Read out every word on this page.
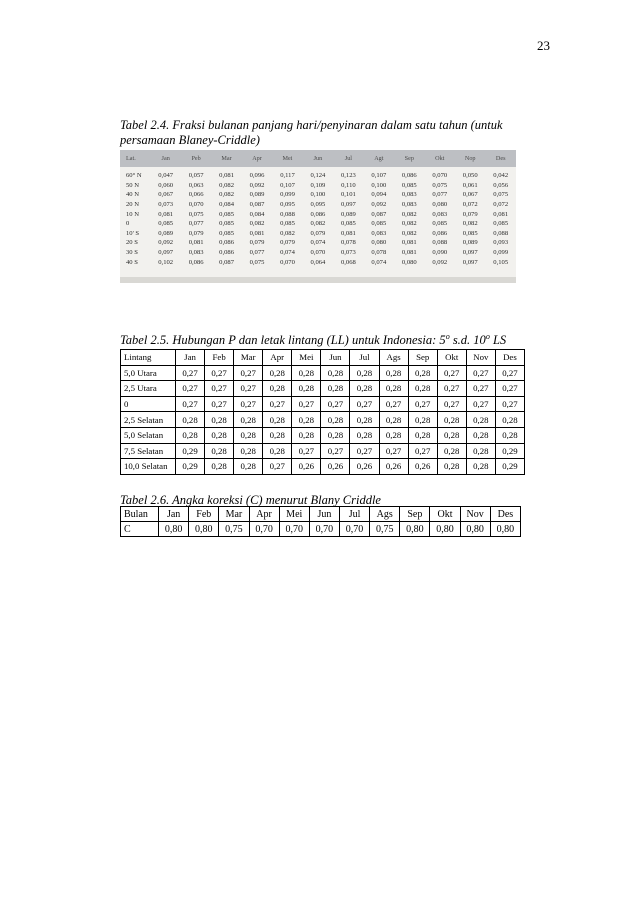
23
Tabel 2.4. Fraksi bulanan panjang hari/penyinaran dalam satu tahun (untuk persamaan Blaney-Criddle)
Lat.	Jan	Peb	Mar	Apr	Mei	Jun	Jul	Agt	Sep	Okt	Nop	Des
60° N	0,047	0,057	0,081	0,096	0,117	0,124	0,123	0,107	0,086	0,070	0,050	0,042
50 N	0,060	0,063	0,082	0,092	0,107	0,109	0,110	0,100	0,085	0,075	0,061	0,056
40 N	0,067	0,066	0,082	0,089	0,099	0,100	0,101	0,094	0,083	0,077	0,067	0,075
20 N	0,073	0,070	0,084	0,087	0,095	0,095	0,097	0,092	0,083	0,080	0,072	0,072
10 N	0,081	0,075	0,085	0,084	0,088	0,086	0,089	0,087	0,082	0,083	0,079	0,081
0	0,085	0,077	0,085	0,082	0,085	0,082	0,085	0,085	0,082	0,085	0,082	0,085
10' S	0,089	0,079	0,085	0,081	0,082	0,079	0,081	0,083	0,082	0,086	0,085	0,088
20 S	0,092	0,081	0,086	0,079	0,079	0,074	0,078	0,080	0,081	0,088	0,089	0,093
30 S	0,097	0,083	0,086	0,077	0,074	0,070	0,073	0,078	0,081	0,090	0,097	0,099
40 S	0,102	0,086	0,087	0,075	0,070	0,064	0,068	0,074	0,080	0,092	0,097	0,105
Tabel 2.5. Hubungan P dan letak lintang (LL) untuk Indonesia: 5$^o$ s.d. 10$^o$ LS
Lintang	Jan	Feb	Mar	Apr	Mei	Jun	Jul	Ags	Sep	Okt	Nov	Des
5,0 Utara	0,27	0,27	0,27	0,28	0,28	0,28	0,28	0,28	0,28	0,27	0,27	0,27
2,5 Utara	0,27	0,27	0,27	0,28	0,28	0,28	0,28	0,28	0,28	0,27	0,27	0,27
0	0,27	0,27	0,27	0,27	0,27	0,27	0,27	0,27	0,27	0,27	0,27	0,27
2,5 Selatan	0,28	0,28	0,28	0,28	0,28	0,28	0,28	0,28	0,28	0,28	0,28	0,28
5,0 Selatan	0,28	0,28	0,28	0,28	0,28	0,28	0,28	0,28	0,28	0,28	0,28	0,28
7,5 Selatan	0,29	0,28	0,28	0,28	0,27	0,27	0,27	0,27	0,27	0,28	0,28	0,29
10,0 Selatan	0,29	0,28	0,28	0,27	0,26	0,26	0,26	0,26	0,26	0,28	0,28	0,29
Tabel 2.6. Angka koreksi (C) menurut Blany Criddle
Bulan	Jan	Feb	Mar	Apr	Mei	Jun	Jul	Ags	Sep	Okt	Nov	Des
C	0,80	0,80	0,75	0,70	0,70	0,70	0,70	0,75	0,80	0,80	0,80	0,80
